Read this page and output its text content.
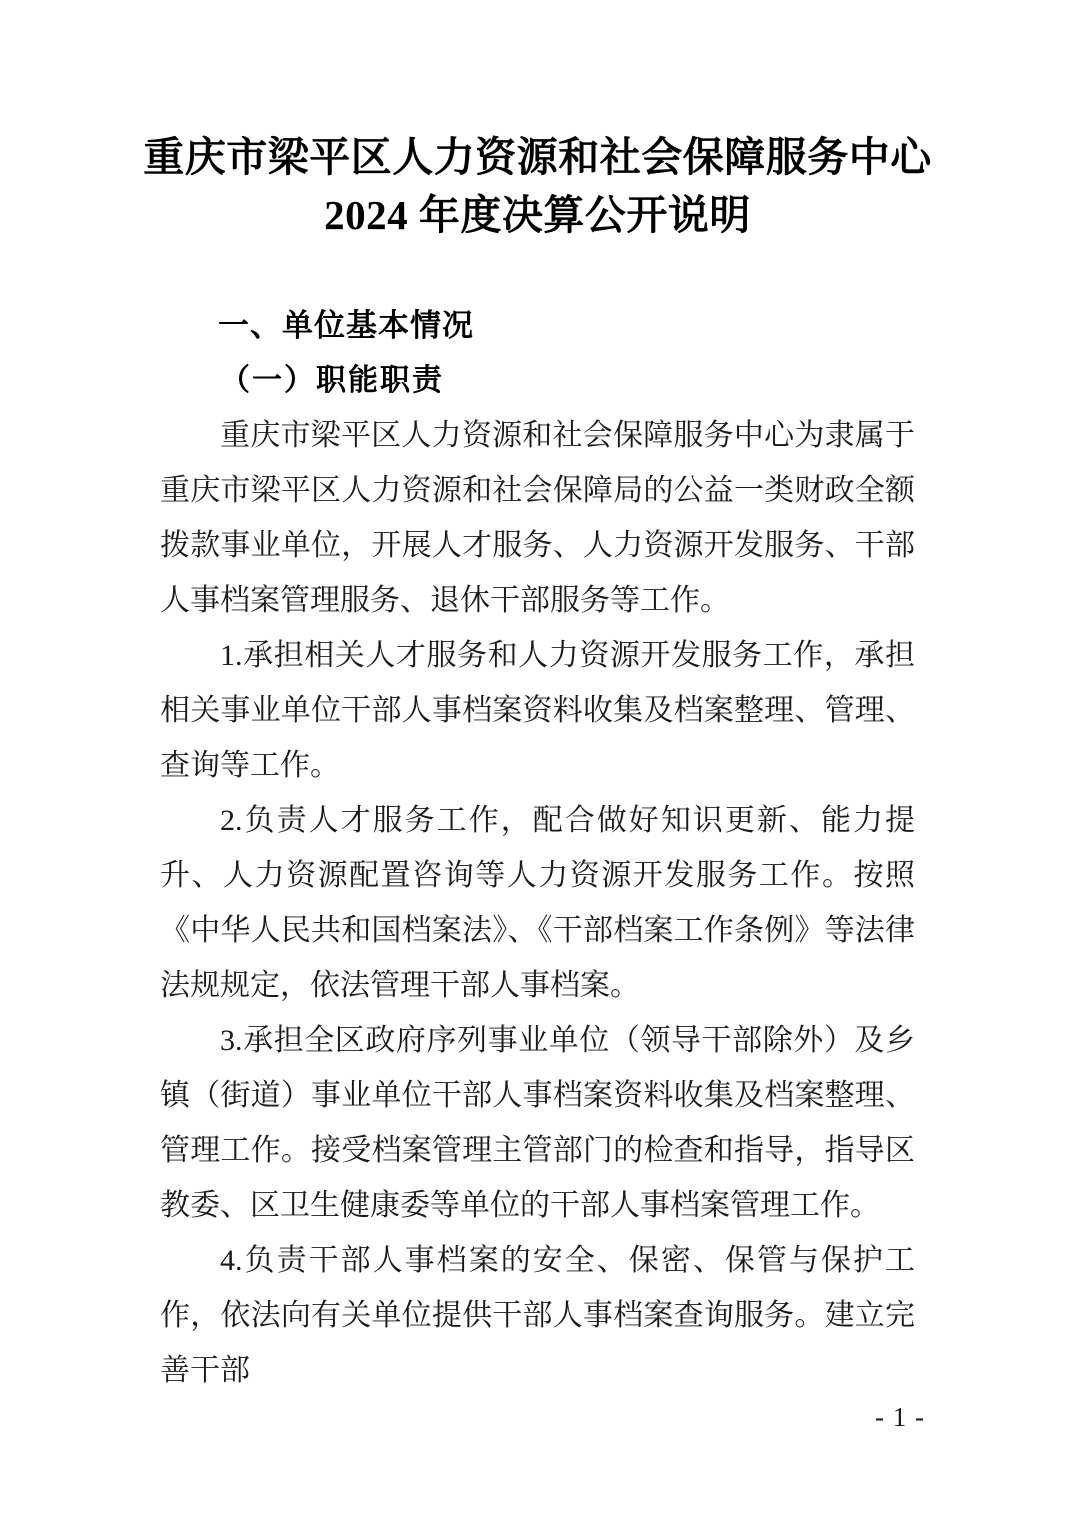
重庆市梁平区人力资源和社会保障服务中心
2024 年度决算公开说明
一、单位基本情况
（一）职能职责

重庆市梁平区人力资源和社会保障服务中心为隶属于重庆市梁平区人力资源和社会保障局的公益一类财政全额拨款事业单位，开展人才服务、人力资源开发服务、干部人事档案管理服务、退休干部服务等工作。

1.承担相关人才服务和人力资源开发服务工作，承担相关事业单位干部人事档案资料收集及档案整理、管理、查询等工作。

2.负责人才服务工作，配合做好知识更新、能力提升、人力资源配置咨询等人力资源开发服务工作。按照《中华人民共和国档案法》、《干部档案工作条例》等法律法规规定，依法管理干部人事档案。

3.承担全区政府序列事业单位（领导干部除外）及乡镇（街道）事业单位干部人事档案资料收集及档案整理、管理工作。接受档案管理主管部门的检查和指导，指导区教委、区卫生健康委等单位的干部人事档案管理工作。

4.负责干部人事档案的安全、保密、保管与保护工作，依法向有关单位提供干部人事档案查询服务。建立完善干部

- 1 -
